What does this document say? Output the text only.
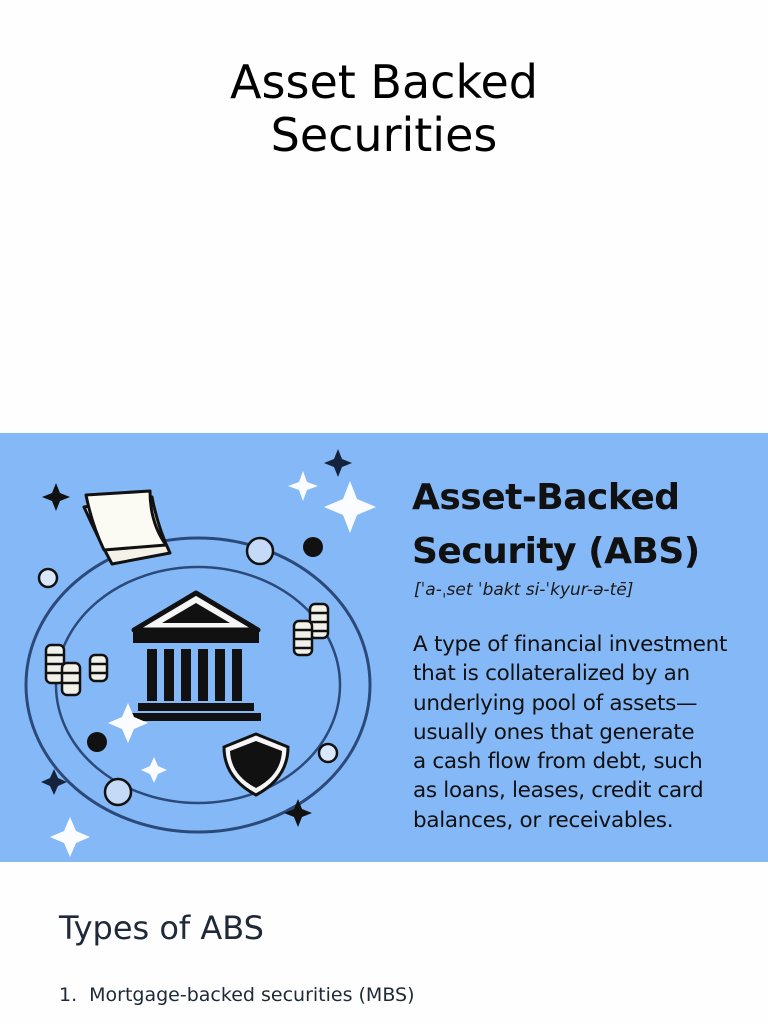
Asset Backed
Securities
Asset-Backed
Security (ABS)

[ˈa-ˌset ˈbakt si-ˈkyur-ə-tē]

A type of financial investment
that is collateralized by an
underlying pool of assets—
usually ones that generate
a cash flow from debt, such
as loans, leases, credit card
balances, or receivables.

Types of ABS
1. Mortgage-backed securities (MBS)
